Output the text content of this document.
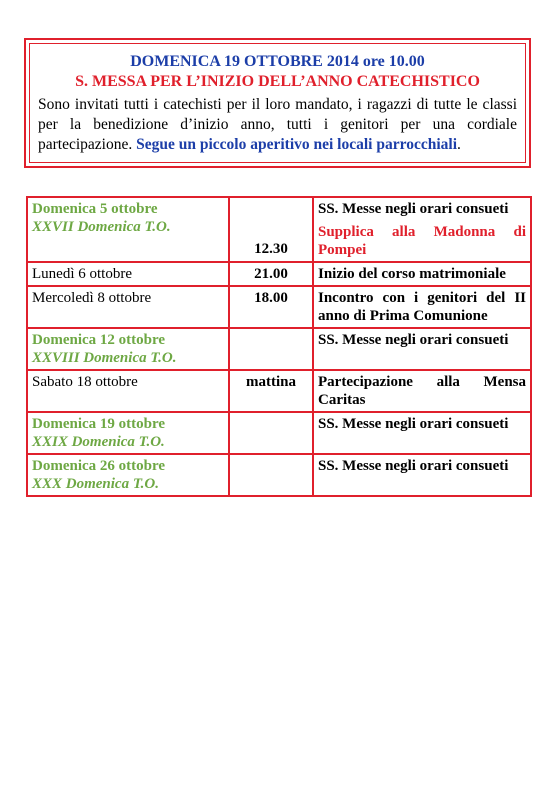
DOMENICA 19 OTTOBRE 2014 ore 10.00

S. MESSA PER L’INIZIO DELL’ANNO CATECHISTICO

Sono invitati tutti i catechisti per il loro mandato, i ragazzi di tutte le classi per la benedizione d’inizio anno, tutti i genitori per una cordiale partecipazione. Segue un piccolo aperitivo nei locali parrocchiali.

Domenica 5 ottobre
XXVII Domenica T.O.	12.30	SS. Messe negli orari consueti
Supplica alla Madonna di Pompei

Lunedì 6 ottobre	21.00	Inizio del corso matrimoniale

Mercoledì 8 ottobre	18.00	Incontro con i genitori del II anno di Prima Comunione

Domenica 12 ottobre
XXVIII Domenica T.O.		SS. Messe negli orari consueti

Sabato 18 ottobre	mattina	Partecipazione alla Mensa Caritas

Domenica 19 ottobre
XXIX Domenica T.O.		SS. Messe negli orari consueti

Domenica 26 ottobre
XXX Domenica T.O.		SS. Messe negli orari consueti
